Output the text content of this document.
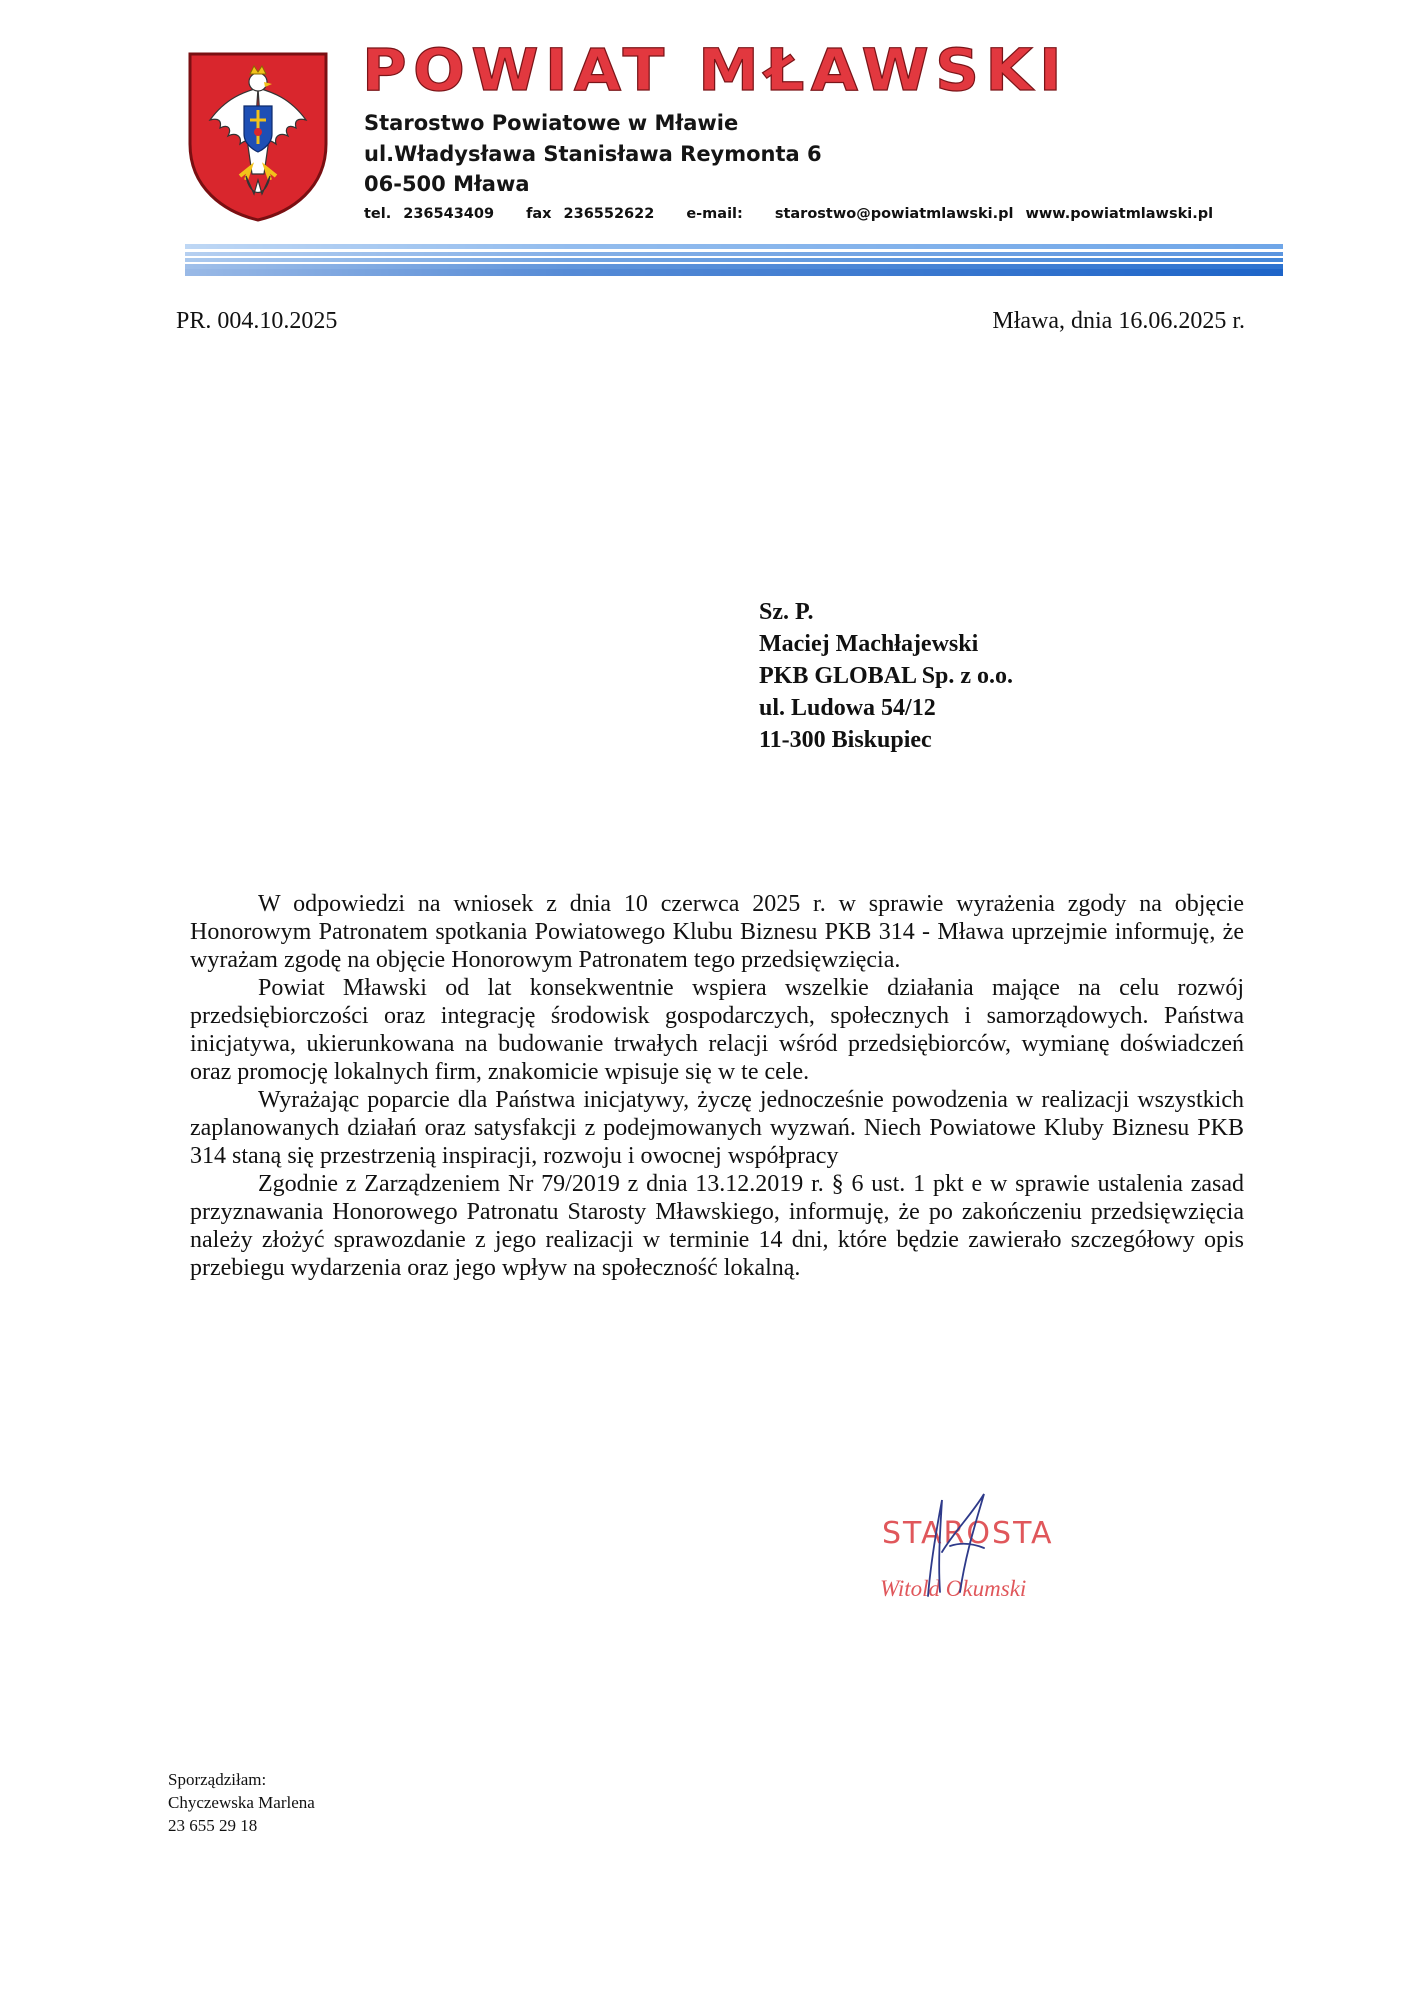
POWIAT MŁAWSKI
Starostwo Powiatowe w Mławie
ul.Władysława Stanisława Reymonta 6
06-500 Mława
tel. 236543409 fax 236552622 e-mail: starostwo@powiatmlawski.pl www.powiatmlawski.pl
PR. 004.10.2025	Mława, dnia 16.06.2025 r.
Sz. P.
Maciej Machłajewski
PKB GLOBAL Sp. z o.o.
ul. Ludowa 54/12
11-300 Biskupiec

W odpowiedzi na wniosek z dnia 10 czerwca 2025 r. w sprawie wyrażenia zgody na objęcie Honorowym Patronatem spotkania Powiatowego Klubu Biznesu PKB 314 - Mława uprzejmie informuję, że wyrażam zgodę na objęcie Honorowym Patronatem tego przedsięwzięcia.

Powiat Mławski od lat konsekwentnie wspiera wszelkie działania mające na celu rozwój przedsiębiorczości oraz integrację środowisk gospodarczych, społecznych i samorządowych. Państwa inicjatywa, ukierunkowana na budowanie trwałych relacji wśród przedsiębiorców, wymianę doświadczeń oraz promocję lokalnych firm, znakomicie wpisuje się w te cele.

Wyrażając poparcie dla Państwa inicjatywy, życzę jednocześnie powodzenia w realizacji wszystkich zaplanowanych działań oraz satysfakcji z podejmowanych wyzwań. Niech Powiatowe Kluby Biznesu PKB 314 staną się przestrzenią inspiracji, rozwoju i owocnej współpracy

Zgodnie z Zarządzeniem Nr 79/2019 z dnia 13.12.2019 r. § 6 ust. 1 pkt e w sprawie ustalenia zasad przyznawania Honorowego Patronatu Starosty Mławskiego, informuję, że po zakończeniu przedsięwzięcia należy złożyć sprawozdanie z jego realizacji w terminie 14 dni, które będzie zawierało szczegółowy opis przebiegu wydarzenia oraz jego wpływ na społeczność lokalną.

STAROSTA
Witold Okumski
Sporządziłam:
Chyczewska Marlena
23 655 29 18
